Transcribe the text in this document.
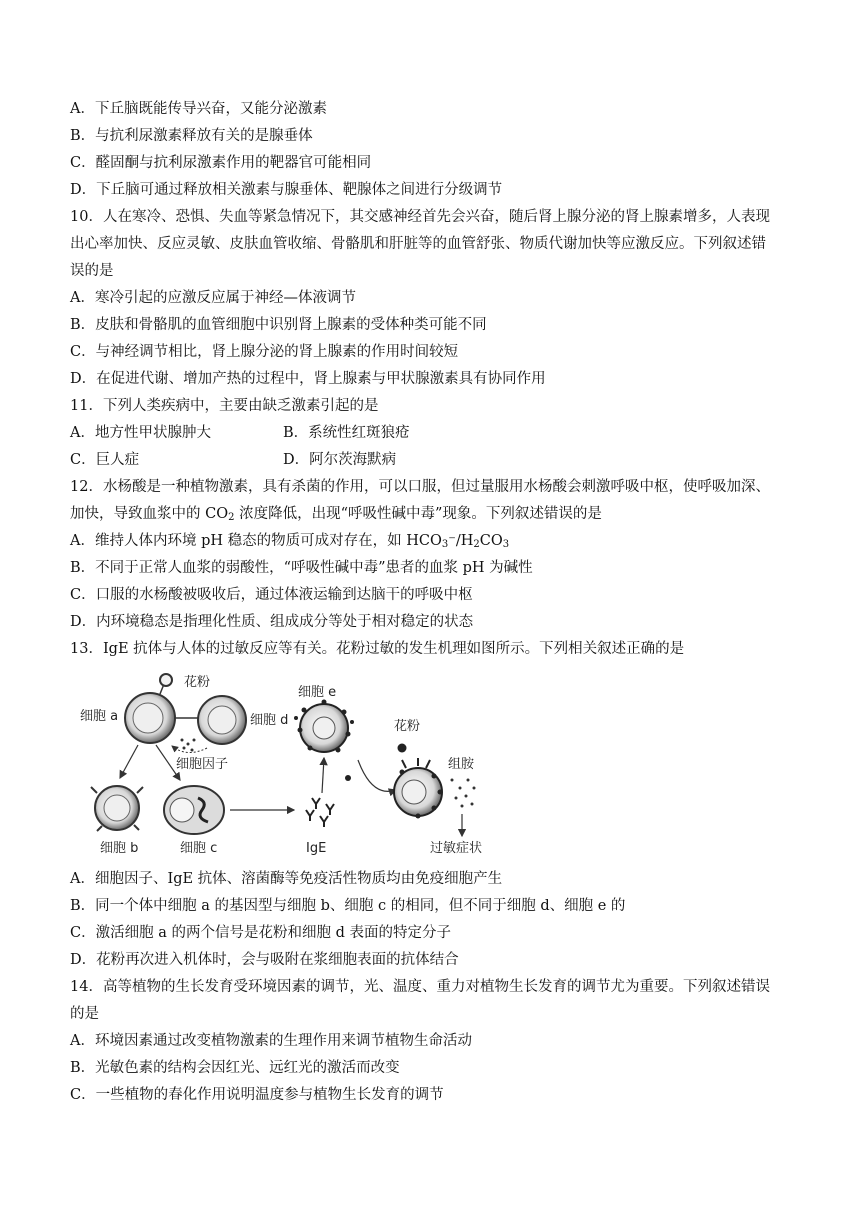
A．下丘脑既能传导兴奋，又能分泌激素
B．与抗利尿激素释放有关的是腺垂体
C．醛固酮与抗利尿激素作用的靶器官可能相同
D．下丘脑可通过释放相关激素与腺垂体、靶腺体之间进行分级调节
10．人在寒冷、恐惧、失血等紧急情况下，其交感神经首先会兴奋，随后肾上腺分泌的肾上腺素增多，人表现
出心率加快、反应灵敏、皮肤血管收缩、骨骼肌和肝脏等的血管舒张、物质代谢加快等应激反应。下列叙述错
误的是
A．寒冷引起的应激反应属于神经—体液调节
B．皮肤和骨骼肌的血管细胞中识别肾上腺素的受体种类可能不同
C．与神经调节相比，肾上腺分泌的肾上腺素的作用时间较短
D．在促进代谢、增加产热的过程中，肾上腺素与甲状腺激素具有协同作用
11．下列人类疾病中，主要由缺乏激素引起的是
A．地方性甲状腺肿大	B．系统性红斑狼疮
C．巨人症	D．阿尔茨海默病
12．水杨酸是一种植物激素，具有杀菌的作用，可以口服，但过量服用水杨酸会刺激呼吸中枢，使呼吸加深、
加快，导致血浆中的 $CO_2$ 浓度降低，出现“呼吸性碱中毒”现象。下列叙述错误的是
A．维持人体内环境 pH 稳态的物质可成对存在，如 $HCO_3^-/H_2CO_3$
B．不同于正常人血浆的弱酸性，“呼吸性碱中毒”患者的血浆 pH 为碱性
C．口服的水杨酸被吸收后，通过体液运输到达脑干的呼吸中枢
D．内环境稳态是指理化性质、组成成分等处于相对稳定的状态
13．IgE 抗体与人体的过敏反应等有关。花粉过敏的发生机理如图所示。下列相关叙述正确的是
花粉
细胞 a	细胞 d
细胞因子
细胞 e
花粉
组胺
细胞 b	细胞 c	IgE	过敏症状
A．细胞因子、IgE 抗体、溶菌酶等免疫活性物质均由免疫细胞产生
B．同一个体中细胞 a 的基因型与细胞 b、细胞 c 的相同，但不同于细胞 d、细胞 e 的
C．激活细胞 a 的两个信号是花粉和细胞 d 表面的特定分子
D．花粉再次进入机体时，会与吸附在浆细胞表面的抗体结合
14．高等植物的生长发育受环境因素的调节，光、温度、重力对植物生长发育的调节尤为重要。下列叙述错误
的是
A．环境因素通过改变植物激素的生理作用来调节植物生命活动
B．光敏色素的结构会因红光、远红光的激活而改变
C．一些植物的春化作用说明温度参与植物生长发育的调节
